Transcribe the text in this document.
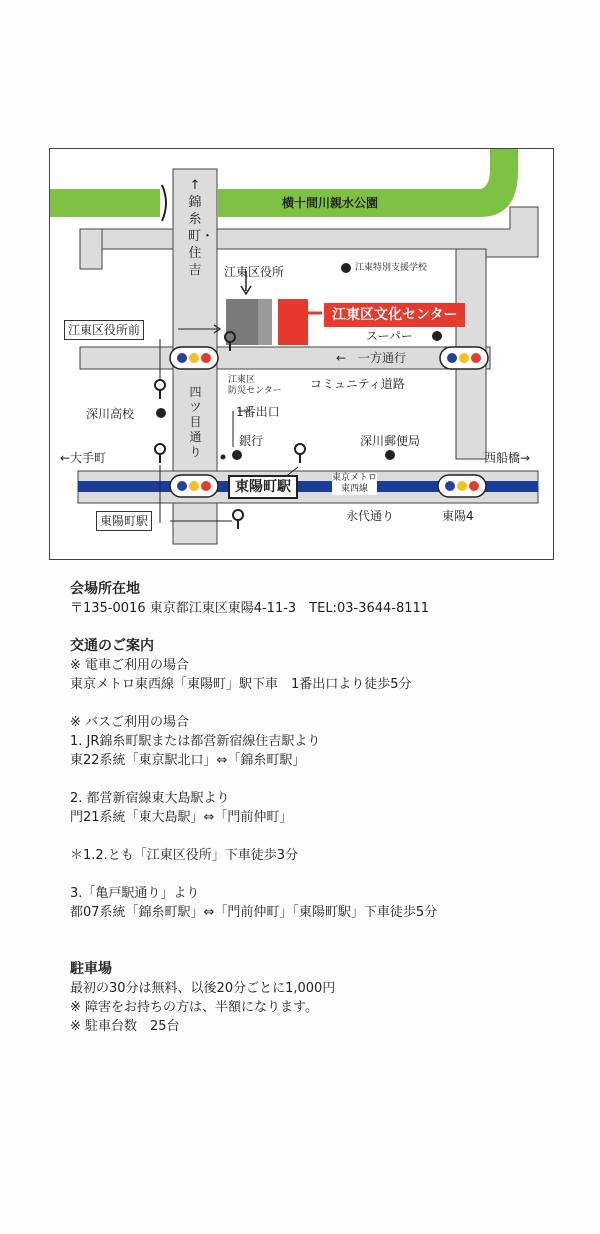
横十間川親水公園
↑錦糸町・住吉
四ツ目通り
江東区役所	江東特別支援学校
江東区文化センター
スーパー
←　一方通行
江東区
防災センター コミュニティ道路
1番出口
江東区役所前
深川高校
銀行	深川郵便局
←大手町	西船橋→
東陽町駅
東京メトロ
東西線
東陽町駅	永代通り	東陽4
会場所在地
〒135-0016 東京都江東区東陽4-11-3　TEL:03-3644-8111
交通のご案内
※ 電車ご利用の場合
東京メトロ東西線「東陽町」駅下車　1番出口より徒歩5分
※ バスご利用の場合
1. JR錦糸町駅または都営新宿線住吉駅より
東22系統「東京駅北口」⇔「錦糸町駅」
2. 都営新宿線東大島駅より
門21系統「東大島駅」⇔「門前仲町」
＊1.2.とも「江東区役所」下車徒歩3分
3.「亀戸駅通り」より
都07系統「錦糸町駅」⇔「門前仲町」「東陽町駅」下車徒歩5分
駐車場
最初の30分は無料、以後20分ごとに1,000円
※ 障害をお持ちの方は、半額になります。
※ 駐車台数　25台
